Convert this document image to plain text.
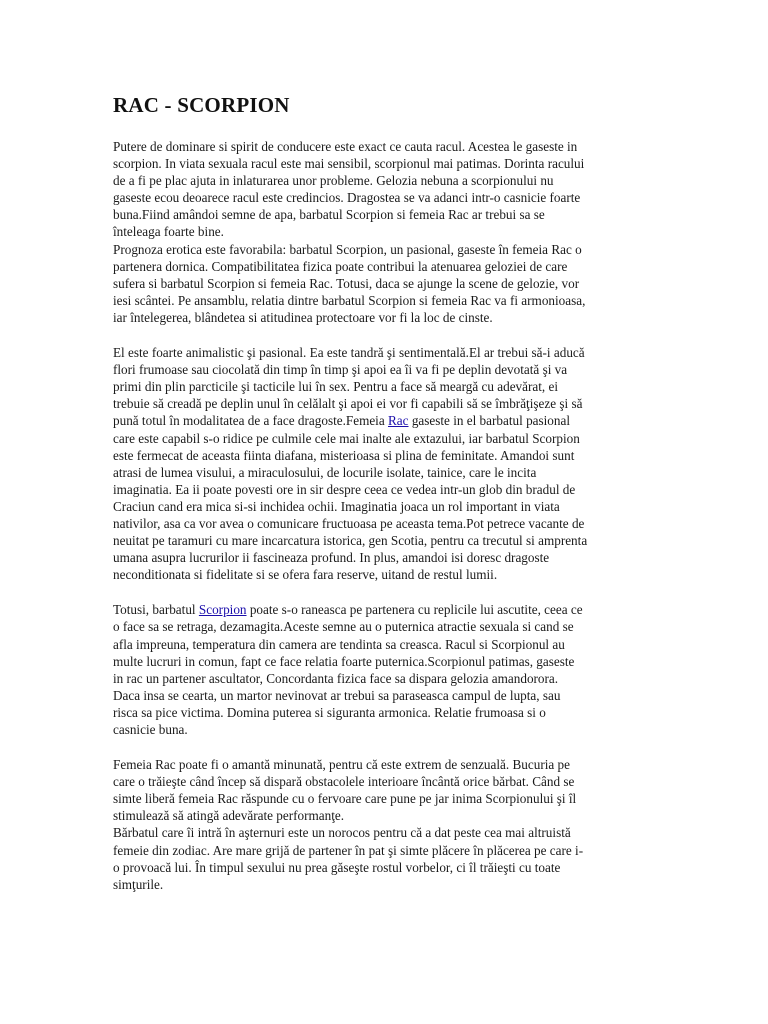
RAC - SCORPION

Putere de dominare si spirit de conducere este exact ce cauta racul. Acestea le gaseste in
scorpion. In viata sexuala racul este mai sensibil, scorpionul mai patimas. Dorinta racului
de a fi pe plac ajuta in inlaturarea unor probleme. Gelozia nebuna a scorpionului nu
gaseste ecou deoarece racul este credincios. Dragostea se va adanci intr-o casnicie foarte
buna.Fiind amândoi semne de apa, barbatul Scorpion si femeia Rac ar trebui sa se
înteleaga foarte bine.
Prognoza erotica este favorabila: barbatul Scorpion, un pasional, gaseste în femeia Rac o
partenera dornica. Compatibilitatea fizica poate contribui la atenuarea geloziei de care
sufera si barbatul Scorpion si femeia Rac. Totusi, daca se ajunge la scene de gelozie, vor
iesi scântei. Pe ansamblu, relatia dintre barbatul Scorpion si femeia Rac va fi armonioasa,
iar întelegerea, blândetea si atitudinea protectoare vor fi la loc de cinste.

El este foarte animalistic şi pasional. Ea este tandră şi sentimentală.El ar trebui să-i aducă
flori frumoase sau ciocolată din timp în timp şi apoi ea îi va fi pe deplin devotată şi va
primi din plin parcticile şi tacticile lui în sex. Pentru a face să meargă cu adevărat, ei
trebuie să creadă pe deplin unul în celălalt şi apoi ei vor fi capabili să se îmbrăţişeze şi să
pună totul în modalitatea de a face dragoste.Femeia Rac gaseste in el barbatul pasional
care este capabil s-o ridice pe culmile cele mai inalte ale extazului, iar barbatul Scorpion
este fermecat de aceasta fiinta diafana, misterioasa si plina de feminitate. Amandoi sunt
atrasi de lumea visului, a miraculosului, de locurile isolate, tainice, care le incita
imaginatia. Ea ii poate povesti ore in sir despre ceea ce vedea intr-un glob din bradul de
Craciun cand era mica si-si inchidea ochii. Imaginatia joaca un rol important in viata
nativilor, asa ca vor avea o comunicare fructuoasa pe aceasta tema.Pot petrece vacante de
neuitat pe taramuri cu mare incarcatura istorica, gen Scotia, pentru ca trecutul si amprenta
umana asupra lucrurilor ii fascineaza profund. In plus, amandoi isi doresc dragoste
neconditionata si fidelitate si se ofera fara reserve, uitand de restul lumii.

Totusi, barbatul Scorpion poate s-o raneasca pe partenera cu replicile lui ascutite, ceea ce
o face sa se retraga, dezamagita.Aceste semne au o puternica atractie sexuala si cand se
afla impreuna, temperatura din camera are tendinta sa creasca. Racul si Scorpionul au
multe lucruri in comun, fapt ce face relatia foarte puternica.Scorpionul patimas, gaseste
in rac un partener ascultator, Concordanta fizica face sa dispara gelozia amandorora.
Daca insa se cearta, un martor nevinovat ar trebui sa paraseasca campul de lupta, sau
risca sa pice victima. Domina puterea si siguranta armonica. Relatie frumoasa si o
casnicie buna.

Femeia Rac poate fi o amantă minunată, pentru că este extrem de senzuală. Bucuria pe
care o trăieşte când încep să dispară obstacolele interioare încântă orice bărbat. Când se
simte liberă femeia Rac răspunde cu o fervoare care pune pe jar inima Scorpionului şi îl
stimulează să atingă adevărate performanţe.
Bărbatul care îi intră în aşternuri este un norocos pentru că a dat peste cea mai altruistă
femeie din zodiac. Are mare grijă de partener în pat şi simte plăcere în plăcerea pe care i-
o provoacă lui. În timpul sexului nu prea găseşte rostul vorbelor, ci îl trăieşti cu toate
simţurile.
